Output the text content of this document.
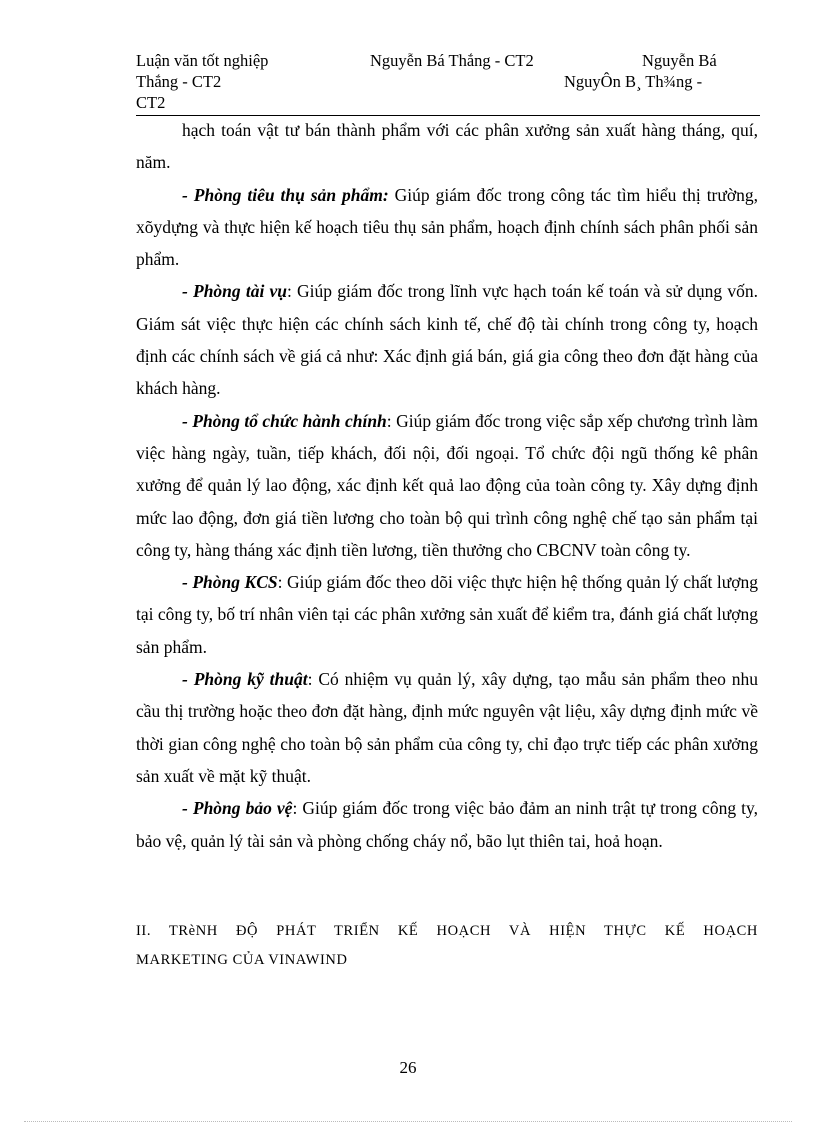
Luận văn tốt nghiệp	Nguyễn Bá Thắng - CT2	Nguyễn Bá
Thắng - CT2	NguyÔn B¸ Th¾ng -
CT2

hạch toán vật tư bán thành phẩm với các phân xưởng sản xuất hàng tháng, quí, năm.

- Phòng tiêu thụ sản phẩm: Giúp giám đốc trong công tác tìm hiểu thị trường, xõydựng và thực hiện kế hoạch tiêu thụ sản phẩm, hoạch định chính sách phân phối sản phẩm.

- Phòng tài vụ: Giúp giám đốc trong lĩnh vực hạch toán kế toán và sử dụng vốn. Giám sát việc thực hiện các chính sách kinh tế, chế độ tài chính trong công ty, hoạch định các chính sách về giá cả như: Xác định giá bán, giá gia công theo đơn đặt hàng của khách hàng.

- Phòng tổ chức hành chính: Giúp giám đốc trong việc sắp xếp chương trình làm việc hàng ngày, tuần, tiếp khách, đối nội, đối ngoại. Tổ chức đội ngũ thống kê phân xưởng để quản lý lao động, xác định kết quả lao động của toàn công ty. Xây dựng định mức lao động, đơn giá tiền lương cho toàn bộ qui trình công nghệ chế tạo sản phẩm tại công ty, hàng tháng xác định tiền lương, tiền thưởng cho CBCNV toàn công ty.

- Phòng KCS: Giúp giám đốc theo dõi việc thực hiện hệ thống quản lý chất lượng tại công ty, bố trí nhân viên tại các phân xưởng sản xuất để kiểm tra, đánh giá chất lượng sản phẩm.

- Phòng kỹ thuật: Có nhiệm vụ quản lý, xây dựng, tạo mẫu sản phẩm theo nhu cầu thị trường hoặc theo đơn đặt hàng, định mức nguyên vật liệu, xây dựng định mức về thời gian công nghệ cho toàn bộ sản phẩm của công ty, chỉ đạo trực tiếp các phân xưởng sản xuất về mặt kỹ thuật.

- Phòng bảo vệ: Giúp giám đốc trong việc bảo đảm an ninh trật tự trong công ty, bảo vệ, quản lý tài sản và phòng chống cháy nổ, bão lụt thiên tai, hoả hoạn.

II. TRèNH ĐỘ PHÁT TRIỂN KẾ HOẠCH VÀ HIỆN THỰC KẾ HOẠCH
MARKETING CỦA VINAWIND
26
